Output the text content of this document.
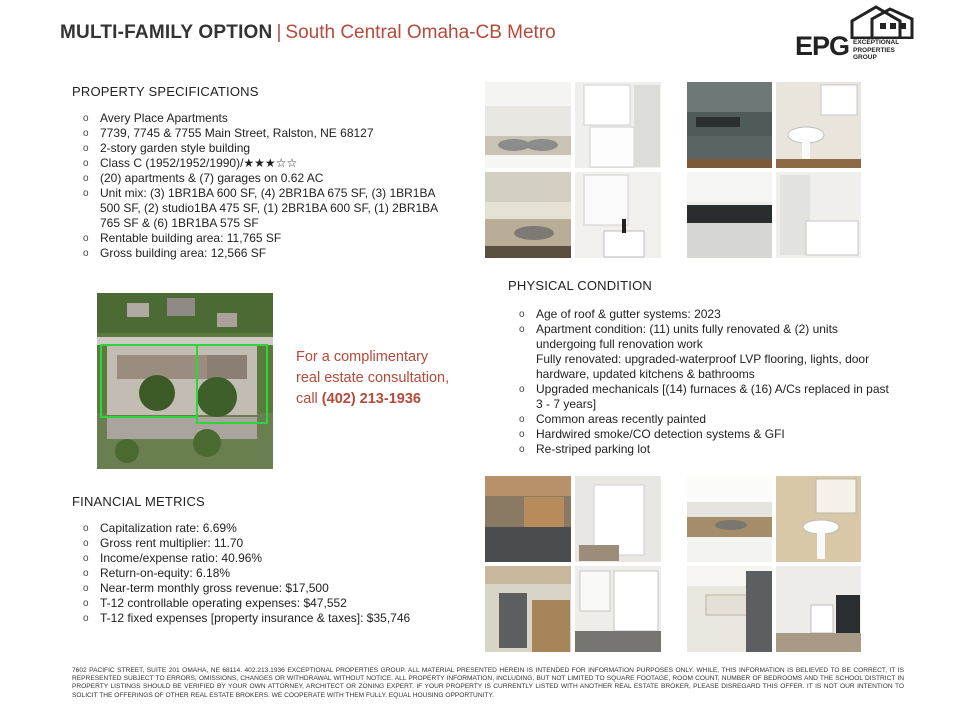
MULTI-FAMILY OPTION | South Central Omaha-CB Metro	EPG EXCEPTIONAL
PROPERTIES
GROUP
PROPERTY SPECIFICATIONS
o Avery Place Apartments
o 7739, 7745 & 7755 Main Street, Ralston, NE 68127
o 2-story garden style building
o Class C (1952/1952/1990)/★★★☆☆
o (20) apartments & (7) garages on 0.62 AC
o Unit mix: (3) 1BR1BA 600 SF, (4) 2BR1BA 675 SF, (3) 1BR1BA
500 SF, (2) studio1BA 475 SF, (1) 2BR1BA 600 SF, (1) 2BR1BA
765 SF & (6) 1BR1BA 575 SF
o Rentable building area: 11,765 SF
o Gross building area: 12,566 SF
For a complimentary
real estate consultation,
call (402) 213-1936
PHYSICAL CONDITION
o Age of roof & gutter systems: 2023
o Apartment condition: (11) units fully renovated & (2) units
undergoing full renovation work
Fully renovated: upgraded-waterproof LVP flooring, lights, door
hardware, updated kitchens & bathrooms
o Upgraded mechanicals [(14) furnaces & (16) A/Cs replaced in past
3 - 7 years]
o Common areas recently painted
o Hardwired smoke/CO detection systems & GFI
o Re-striped parking lot
FINANCIAL METRICS
o Capitalization rate: 6.69%
o Gross rent multiplier: 11.70
o Income/expense ratio: 40.96%
o Return-on-equity: 6.18%
o Near-term monthly gross revenue: $17,500
o T-12 controllable operating expenses: $47,552
o T-12 fixed expenses [property insurance & taxes]: $35,746
7602 PACIFIC STREET, SUITE 201 OMAHA, NE 68114. 402.213.1936 EXCEPTIONAL PROPERTIES GROUP. ALL MATERIAL PRESENTED HEREIN IS INTENDED FOR INFORMATION PURPOSES ONLY. WHILE, THIS INFORMATION IS BELIEVED TO BE CORRECT, IT IS REPRESENTED SUBJECT TO ERRORS, OMISSIONS, CHANGES OR WITHDRAWAL WITHOUT NOTICE. ALL PROPERTY INFORMATION, INCLUDING, BUT NOT LIMITED TO SQUARE FOOTAGE, ROOM COUNT, NUMBER OF BEDROOMS AND THE SCHOOL DISTRICT IN PROPERTY LISTINGS SHOULD BE VERIFIED BY YOUR OWN ATTORNEY, ARCHITECT OR ZONING EXPERT. IF YOUR PROPERTY IS CURRENTLY LISTED WITH ANOTHER REAL ESTATE BROKER, PLEASE DISREGARD THIS OFFER. IT IS NOT OUR INTENTION TO SOLICIT THE OFFERINGS OF OTHER REAL ESTATE BROKERS. WE COOPERATE WITH THEM FULLY. EQUAL HOUSING OPPORTUNITY.
